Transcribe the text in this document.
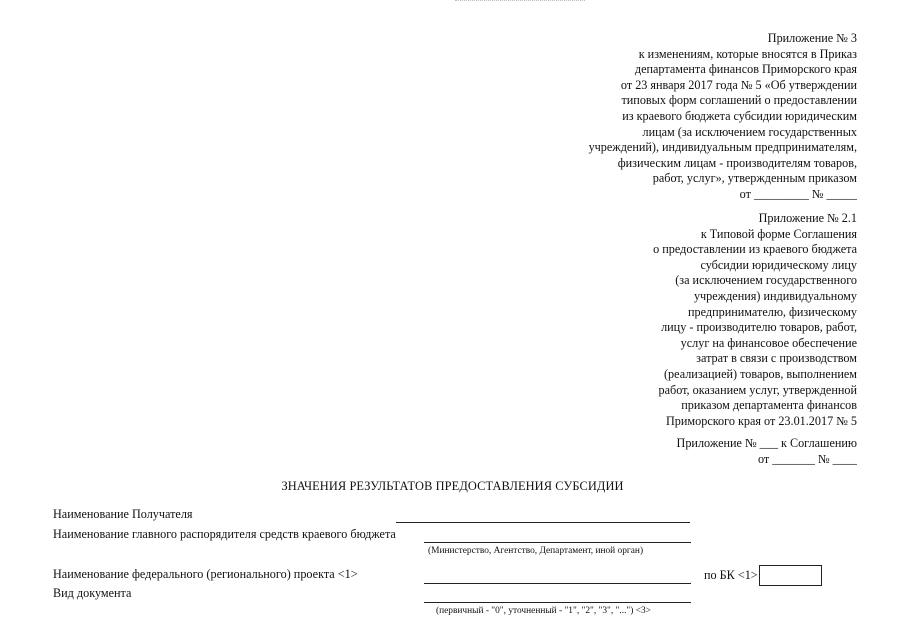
Приложение № 3
к изменениям, которые вносятся в Приказ
департамента финансов Приморского края
от 23 января 2017 года № 5 «Об утверждении
типовых форм соглашений о предоставлении
из краевого бюджета субсидии юридическим
лицам (за исключением государственных
учреждений), индивидуальным предпринимателям,
физическим лицам - производителям товаров,
работ, услуг», утвержденным приказом
от _________ № _____
Приложение № 2.1
к Типовой форме Соглашения
о предоставлении из краевого бюджета
субсидии юридическому лицу
(за исключением государственного
учреждения) индивидуальному
предпринимателю, физическому
лицу - производителю товаров, работ,
услуг на финансовое обеспечение
затрат в связи с производством
(реализацией) товаров, выполнением
работ, оказанием услуг, утвержденной
приказом департамента финансов
Приморского края от 23.01.2017 № 5
Приложение № ___ к Соглашению
от _______ № ____
ЗНАЧЕНИЯ РЕЗУЛЬТАТОВ ПРЕДОСТАВЛЕНИЯ СУБСИДИИ
Наименование Получателя
Наименование главного распорядителя средств краевого бюджета
(Министерство, Агентство, Департамент, иной орган)
Наименование федерального (регионального) проекта <1>	по БК <1>
Вид документа
(первичный - "0", уточненный - "1", "2", "3", "...") <3>
